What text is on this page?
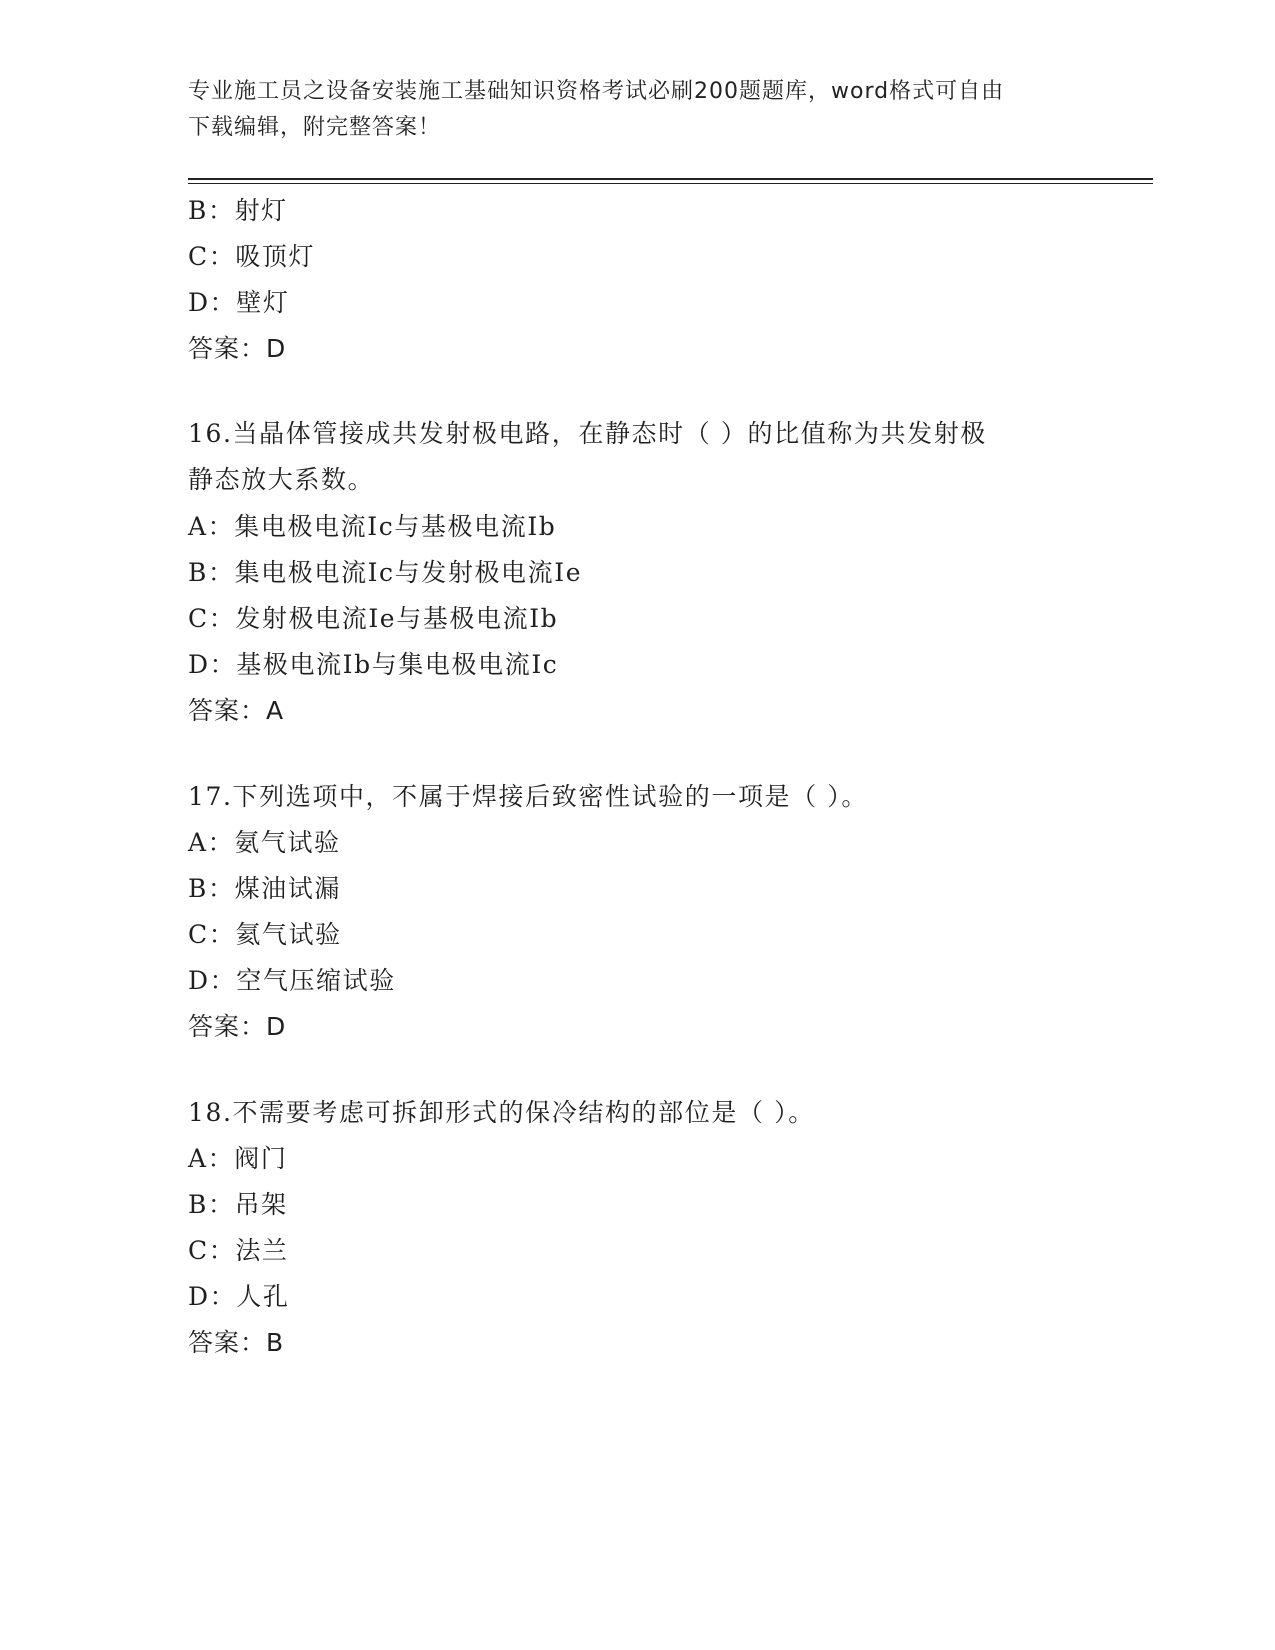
专业施工员之设备安装施工基础知识资格考试必刷200题题库，word格式可自由
下载编辑，附完整答案！
B：射灯
C：吸顶灯
D：壁灯
答案：D
16.当晶体管接成共发射极电路，在静态时（ ）的比值称为共发射极
静态放大系数。
A：集电极电流Ic与基极电流Ib
B：集电极电流Ic与发射极电流Ie
C：发射极电流Ie与基极电流Ib
D：基极电流Ib与集电极电流Ic
答案：A
17.下列选项中，不属于焊接后致密性试验的一项是（ ）。
A：氨气试验
B：煤油试漏
C：氦气试验
D：空气压缩试验
答案：D
18.不需要考虑可拆卸形式的保冷结构的部位是（ ）。
A：阀门
B：吊架
C：法兰
D：人孔
答案：B
